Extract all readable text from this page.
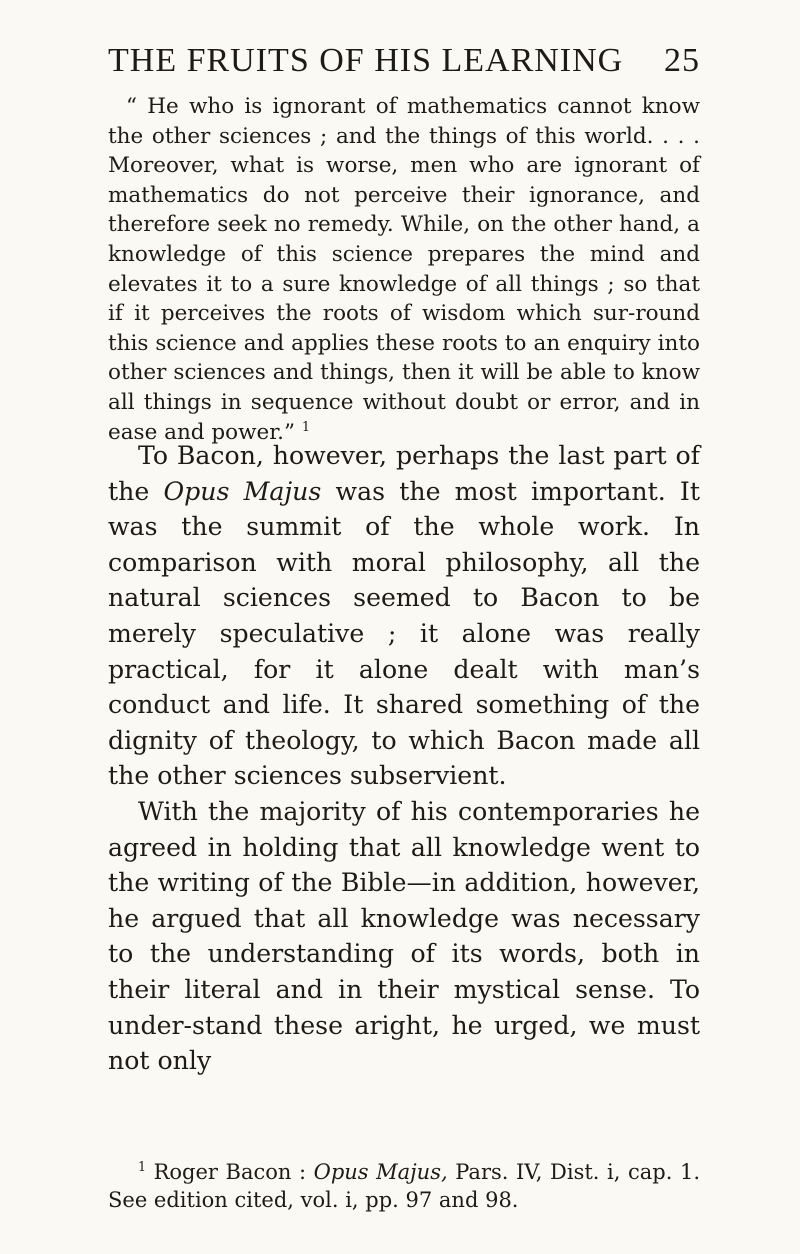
THE FRUITS OF HIS LEARNING 25

“ He who is ignorant of mathematics cannot know the other sciences ; and the things of this world. . . . Moreover, what is worse, men who are ignorant of mathematics do not perceive their ignorance, and therefore seek no remedy. While, on the other hand, a knowledge of this science prepares the mind and elevates it to a sure knowledge of all things ; so that if it perceives the roots of wisdom which sur-round this science and applies these roots to an enquiry into other sciences and things, then it will be able to know all things in sequence without doubt or error, and in ease and power.” $^1$

To Bacon, however, perhaps the last part of the Opus Majus was the most important. It was the summit of the whole work. In comparison with moral philosophy, all the natural sciences seemed to Bacon to be merely speculative ; it alone was really practical, for it alone dealt with man’s conduct and life. It shared something of the dignity of theology, to which Bacon made all the other sciences subservient.

With the majority of his contemporaries he agreed in holding that all knowledge went to the writing of the Bible—in addition, however, he argued that all knowledge was necessary to the understanding of its words, both in their literal and in their mystical sense. To under-stand these aright, he urged, we must not only

$^1$ Roger Bacon : Opus Majus, Pars. IV, Dist. i, cap. 1. See edition cited, vol. i, pp. 97 and 98.
